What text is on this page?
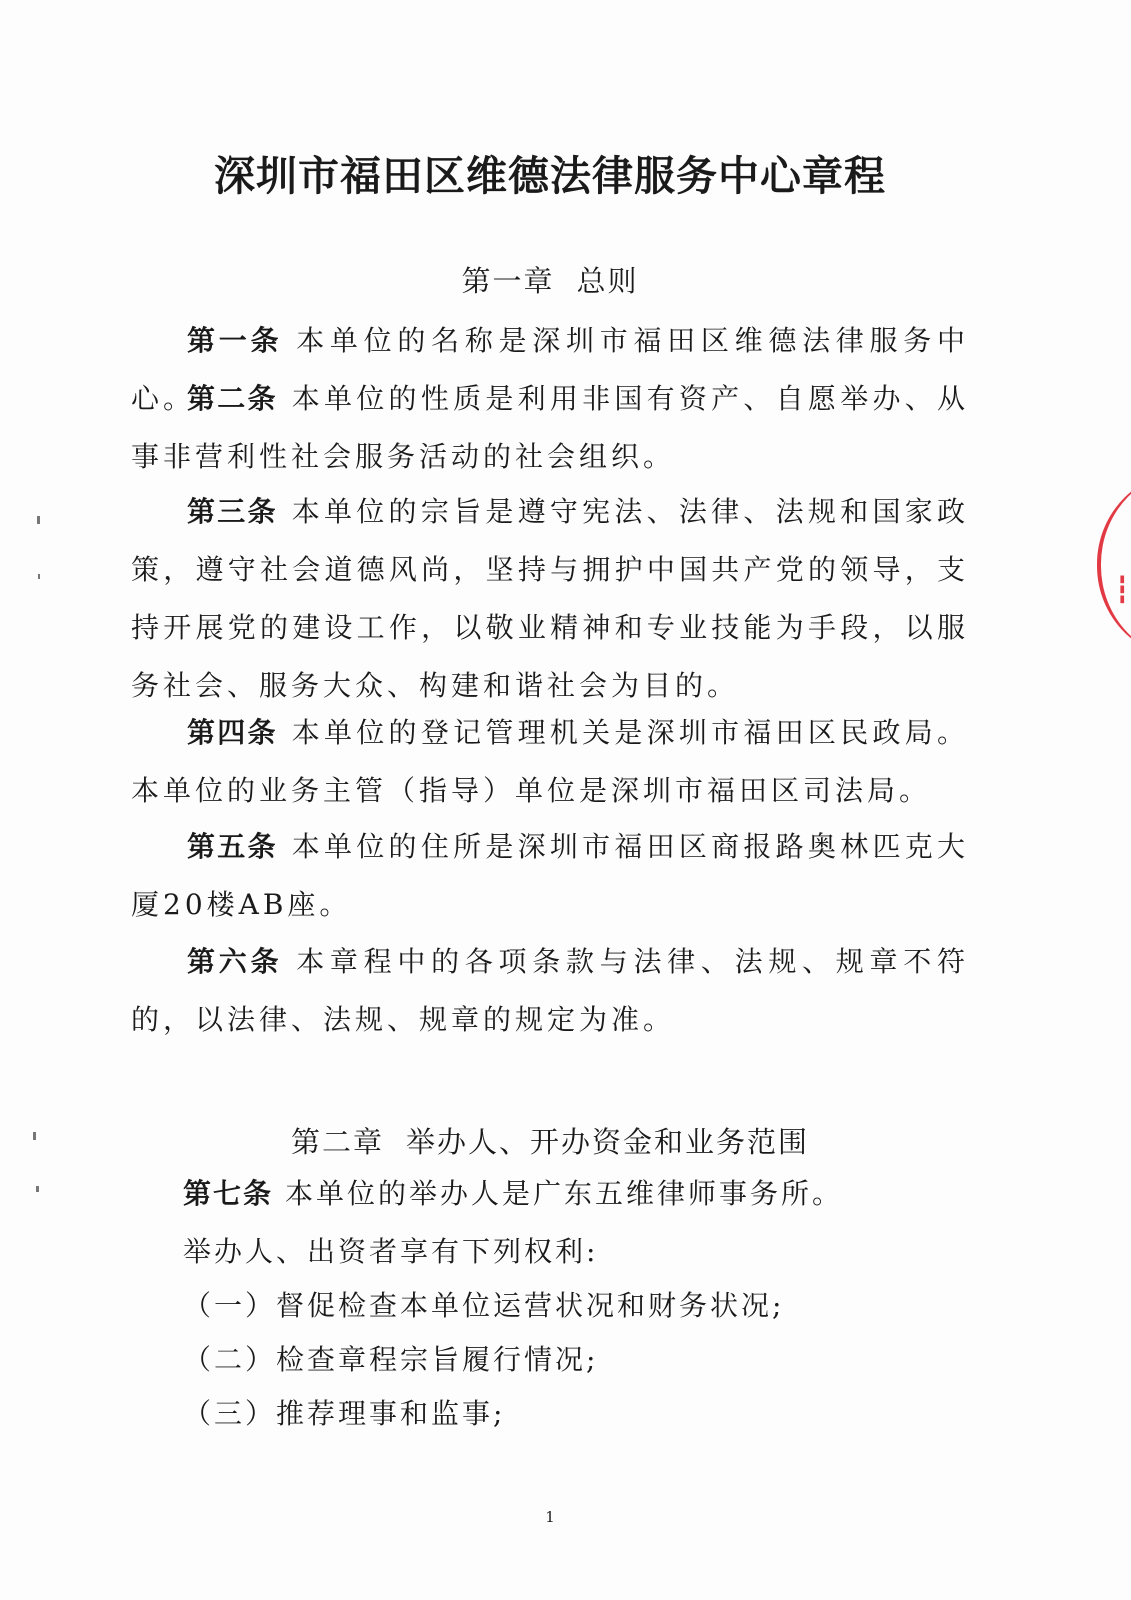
深圳市福田区维德法律服务中心章程
第一章 总则

第一条 本单位的名称是深圳市福田区维德法律服务中心。

第二条 本单位的性质是利用非国有资产、自愿举办、从事非营利性社会服务活动的社会组织。

第三条 本单位的宗旨是遵守宪法、法律、法规和国家政策，遵守社会道德风尚，坚持与拥护中国共产党的领导，支持开展党的建设工作，以敬业精神和专业技能为手段，以服务社会、服务大众、构建和谐社会为目的。

第四条 本单位的登记管理机关是深圳市福田区民政局。本单位的业务主管（指导）单位是深圳市福田区司法局。

第五条 本单位的住所是深圳市福田区商报路奥林匹克大厦20楼AB座。

第六条 本章程中的各项条款与法律、法规、规章不符的，以法律、法规、规章的规定为准。

第二章 举办人、开办资金和业务范围
第七条 本单位的举办人是广东五维律师事务所。
举办人、出资者享有下列权利:
（一）督促检查本单位运营状况和财务状况;
（二）检查章程宗旨履行情况;
（三）推荐理事和监事;
1
▮
▮
▮
